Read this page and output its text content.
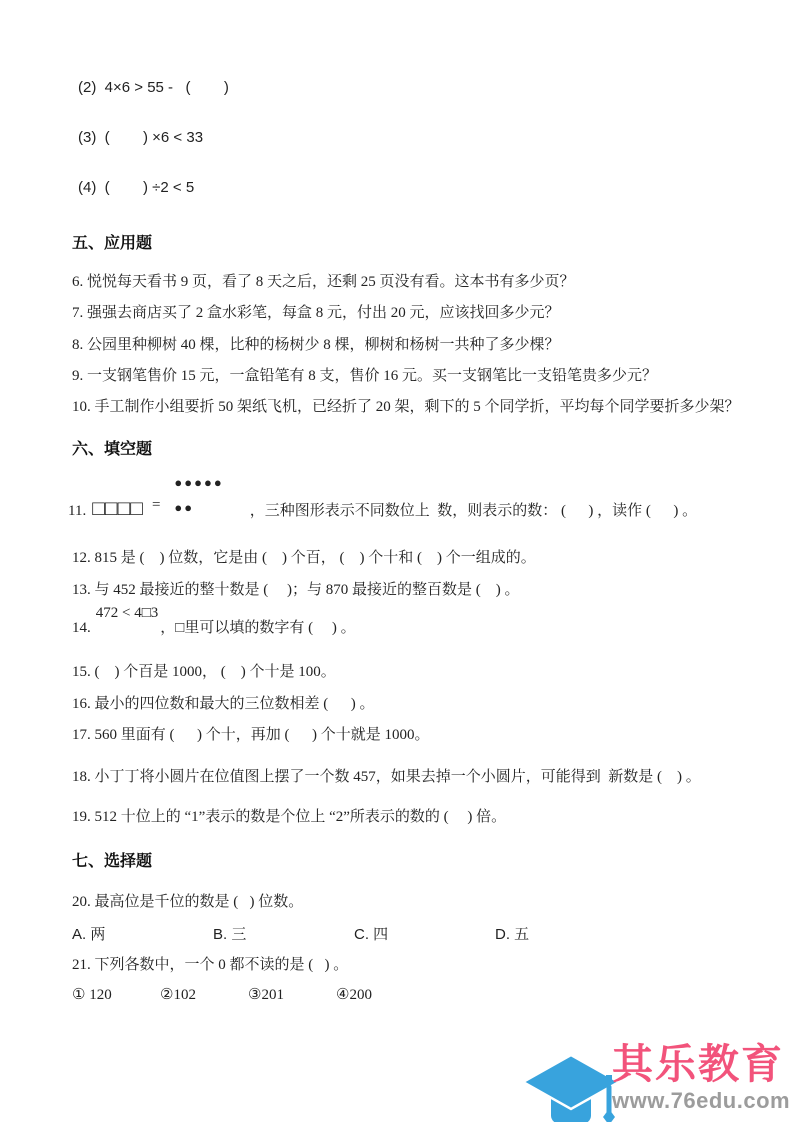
(2)  4×6 > 55 -   (        )
(3)  (        ) ×6 < 33
(4)  (        ) ÷2 < 5
五、应用题
6. 悦悦每天看书 9 页，看了 8 天之后，还剩 25 页没有看。这本书有多少页？
7. 强强去商店买了 2 盒水彩笔，每盒 8 元，付出 20 元，应该找回多少元？
8. 公园里种柳树 40 棵，比种的杨树少 8 棵，柳树和杨树一共种了多少棵？
9. 一支钢笔售价 15 元，一盒铅笔有 8 支，售价 16 元。买一支钢笔比一支铅笔贵多少元？
10. 手工制作小组要折 50 架纸飞机，已经折了 20 架，剩下的 5 个同学折，平均每个同学要折多少架？
六、填空题
11. □□□□ =
●●●●●
●●	，三种图形表示不同数位上  数，则表示的数： (      ) ，读作 (      ) 。
12. 815 是 (    ) 位数，它是由 (    ) 个百， (    ) 个十和 (    ) 个一组成的。
13. 与 452 最接近的整十数是 (     )；与 870 最接近的整百数是 (    ) 。
14.
472 < 4□3
，□里可以填的数字有 (     ) 。
15. (    ) 个百是 1000， (    ) 个十是 100。
16. 最小的四位数和最大的三位数相差 (      ) 。
17. 560 里面有 (      ) 个十，再加 (      ) 个十就是 1000。
18. 小丁丁将小圆片在位值图上摆了一个数 457，如果去掉一个小圆片，可能得到  新数是 (    ) 。
19. 512 十位上的 “1”表示的数是个位上 “2”所表示的数的 (     ) 倍。
七、选择题
20. 最高位是千位的数是 (   ) 位数。
A. 两	B. 三	C. 四	D. 五
21. 下列各数中，一个 0 都不读的是 (   ) 。
① 120	②102	③201	④200

其乐教育
www.76edu.com
